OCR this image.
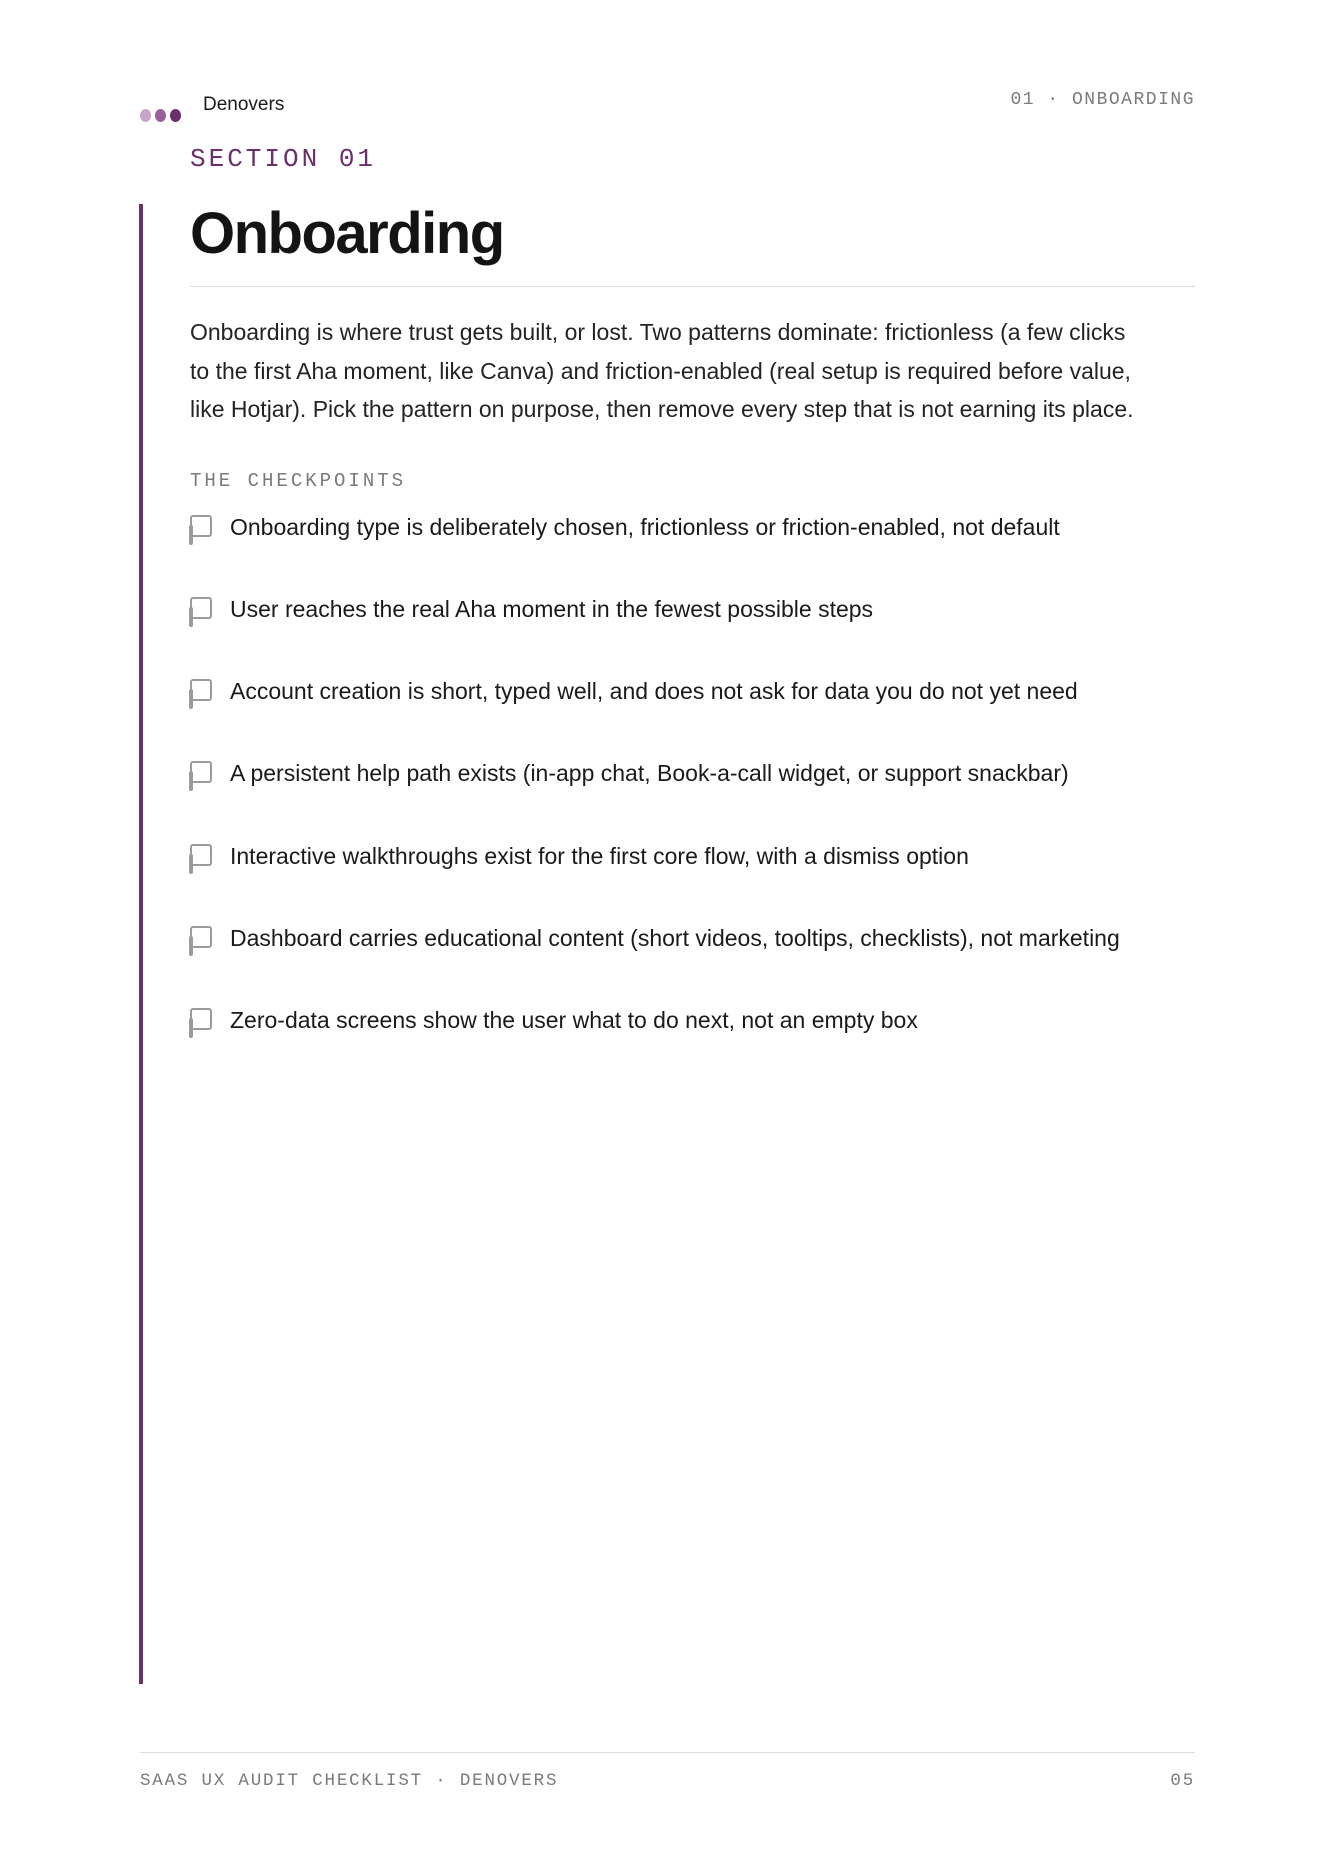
Denovers	01 · ONBOARDING
SECTION 01
Onboarding

Onboarding is where trust gets built, or lost. Two patterns dominate: frictionless (a few clicks to the first Aha moment, like Canva) and friction-enabled (real setup is required before value, like Hotjar). Pick the pattern on purpose, then remove every step that is not earning its place.

THE CHECKPOINTS
Onboarding type is deliberately chosen, frictionless or friction-enabled, not default
User reaches the real Aha moment in the fewest possible steps
Account creation is short, typed well, and does not ask for data you do not yet need
A persistent help path exists (in-app chat, Book-a-call widget, or support snackbar)
Interactive walkthroughs exist for the first core flow, with a dismiss option
Dashboard carries educational content (short videos, tooltips, checklists), not marketing
Zero-data screens show the user what to do next, not an empty box
SAAS UX AUDIT CHECKLIST · DENOVERS	05
